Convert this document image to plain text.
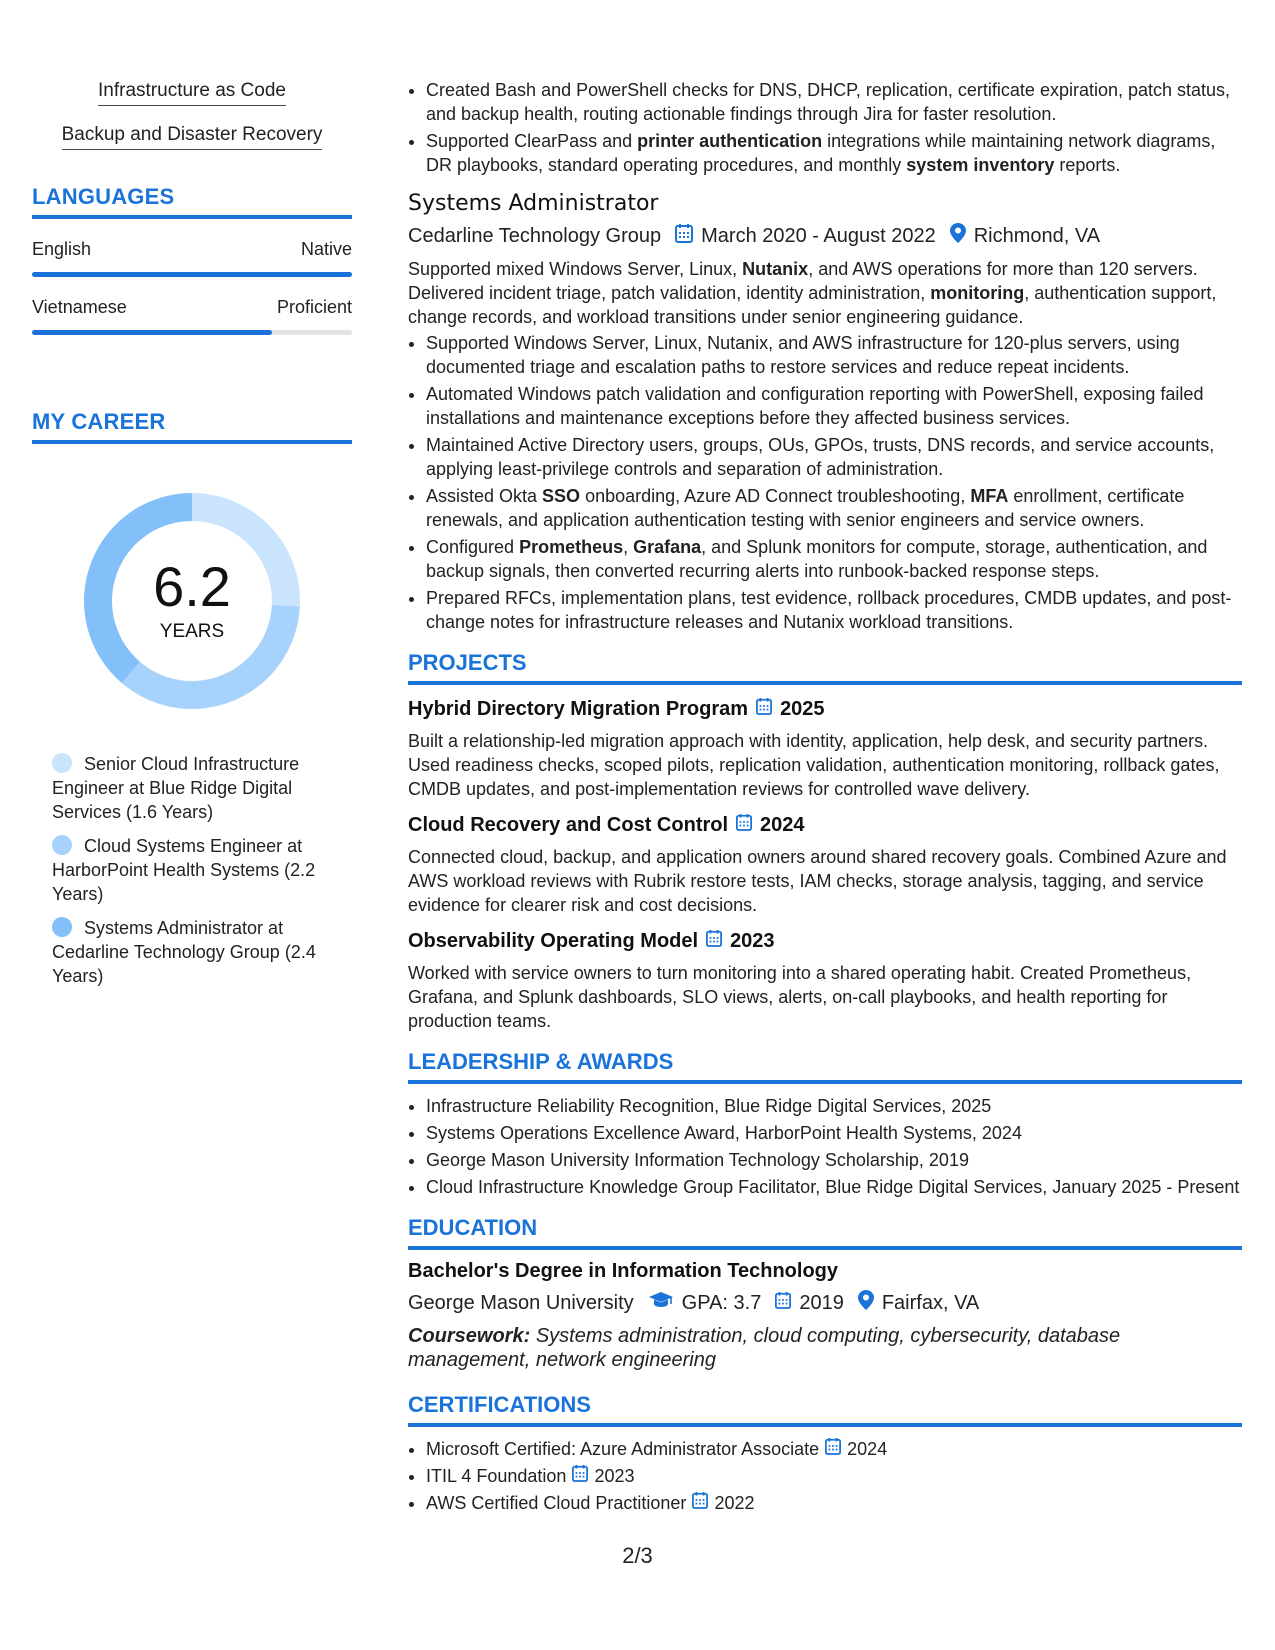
Infrastructure as Code
Backup and Disaster Recovery
LANGUAGES
English	Native
Vietnamese	Proficient
MY CAREER
6.2
YEARS
Senior Cloud Infrastructure Engineer at Blue Ridge Digital Services (1.6 Years)
Cloud Systems Engineer at HarborPoint Health Systems (2.2 Years)
Systems Administrator at Cedarline Technology Group (2.4 Years)
• Created Bash and PowerShell checks for DNS, DHCP, replication, certificate expiration, patch status, and backup health, routing actionable findings through Jira for faster resolution.
• Supported ClearPass and printer authentication integrations while maintaining network diagrams, DR playbooks, standard operating procedures, and monthly system inventory reports.
Systems Administrator
Cedarline Technology Group March 2020 - August 2022 Richmond, VA
Supported mixed Windows Server, Linux, Nutanix, and AWS operations for more than 120 servers. Delivered incident triage, patch validation, identity administration, monitoring, authentication support, change records, and workload transitions under senior engineering guidance.
• Supported Windows Server, Linux, Nutanix, and AWS infrastructure for 120-plus servers, using documented triage and escalation paths to restore services and reduce repeat incidents.
• Automated Windows patch validation and configuration reporting with PowerShell, exposing failed installations and maintenance exceptions before they affected business services.
• Maintained Active Directory users, groups, OUs, GPOs, trusts, DNS records, and service accounts, applying least-privilege controls and separation of administration.
• Assisted Okta SSO onboarding, Azure AD Connect troubleshooting, MFA enrollment, certificate renewals, and application authentication testing with senior engineers and service owners.
• Configured Prometheus, Grafana, and Splunk monitors for compute, storage, authentication, and backup signals, then converted recurring alerts into runbook-backed response steps.
• Prepared RFCs, implementation plans, test evidence, rollback procedures, CMDB updates, and post-change notes for infrastructure releases and Nutanix workload transitions.
PROJECTS
Hybrid Directory Migration Program 2025
Built a relationship-led migration approach with identity, application, help desk, and security partners. Used readiness checks, scoped pilots, replication validation, authentication monitoring, rollback gates, CMDB updates, and post-implementation reviews for controlled wave delivery.
Cloud Recovery and Cost Control 2024
Connected cloud, backup, and application owners around shared recovery goals. Combined Azure and AWS workload reviews with Rubrik restore tests, IAM checks, storage analysis, tagging, and service evidence for clearer risk and cost decisions.
Observability Operating Model 2023
Worked with service owners to turn monitoring into a shared operating habit. Created Prometheus, Grafana, and Splunk dashboards, SLO views, alerts, on-call playbooks, and health reporting for production teams.
LEADERSHIP & AWARDS
• Infrastructure Reliability Recognition, Blue Ridge Digital Services, 2025
• Systems Operations Excellence Award, HarborPoint Health Systems, 2024
• George Mason University Information Technology Scholarship, 2019
• Cloud Infrastructure Knowledge Group Facilitator, Blue Ridge Digital Services, January 2025 - Present
EDUCATION
Bachelor's Degree in Information Technology
George Mason University GPA: 3.7 2019 Fairfax, VA
Coursework: Systems administration, cloud computing, cybersecurity, database management, network engineering
CERTIFICATIONS
• Microsoft Certified: Azure Administrator Associate 2024
• ITIL 4 Foundation 2023
• AWS Certified Cloud Practitioner 2022
2/3
